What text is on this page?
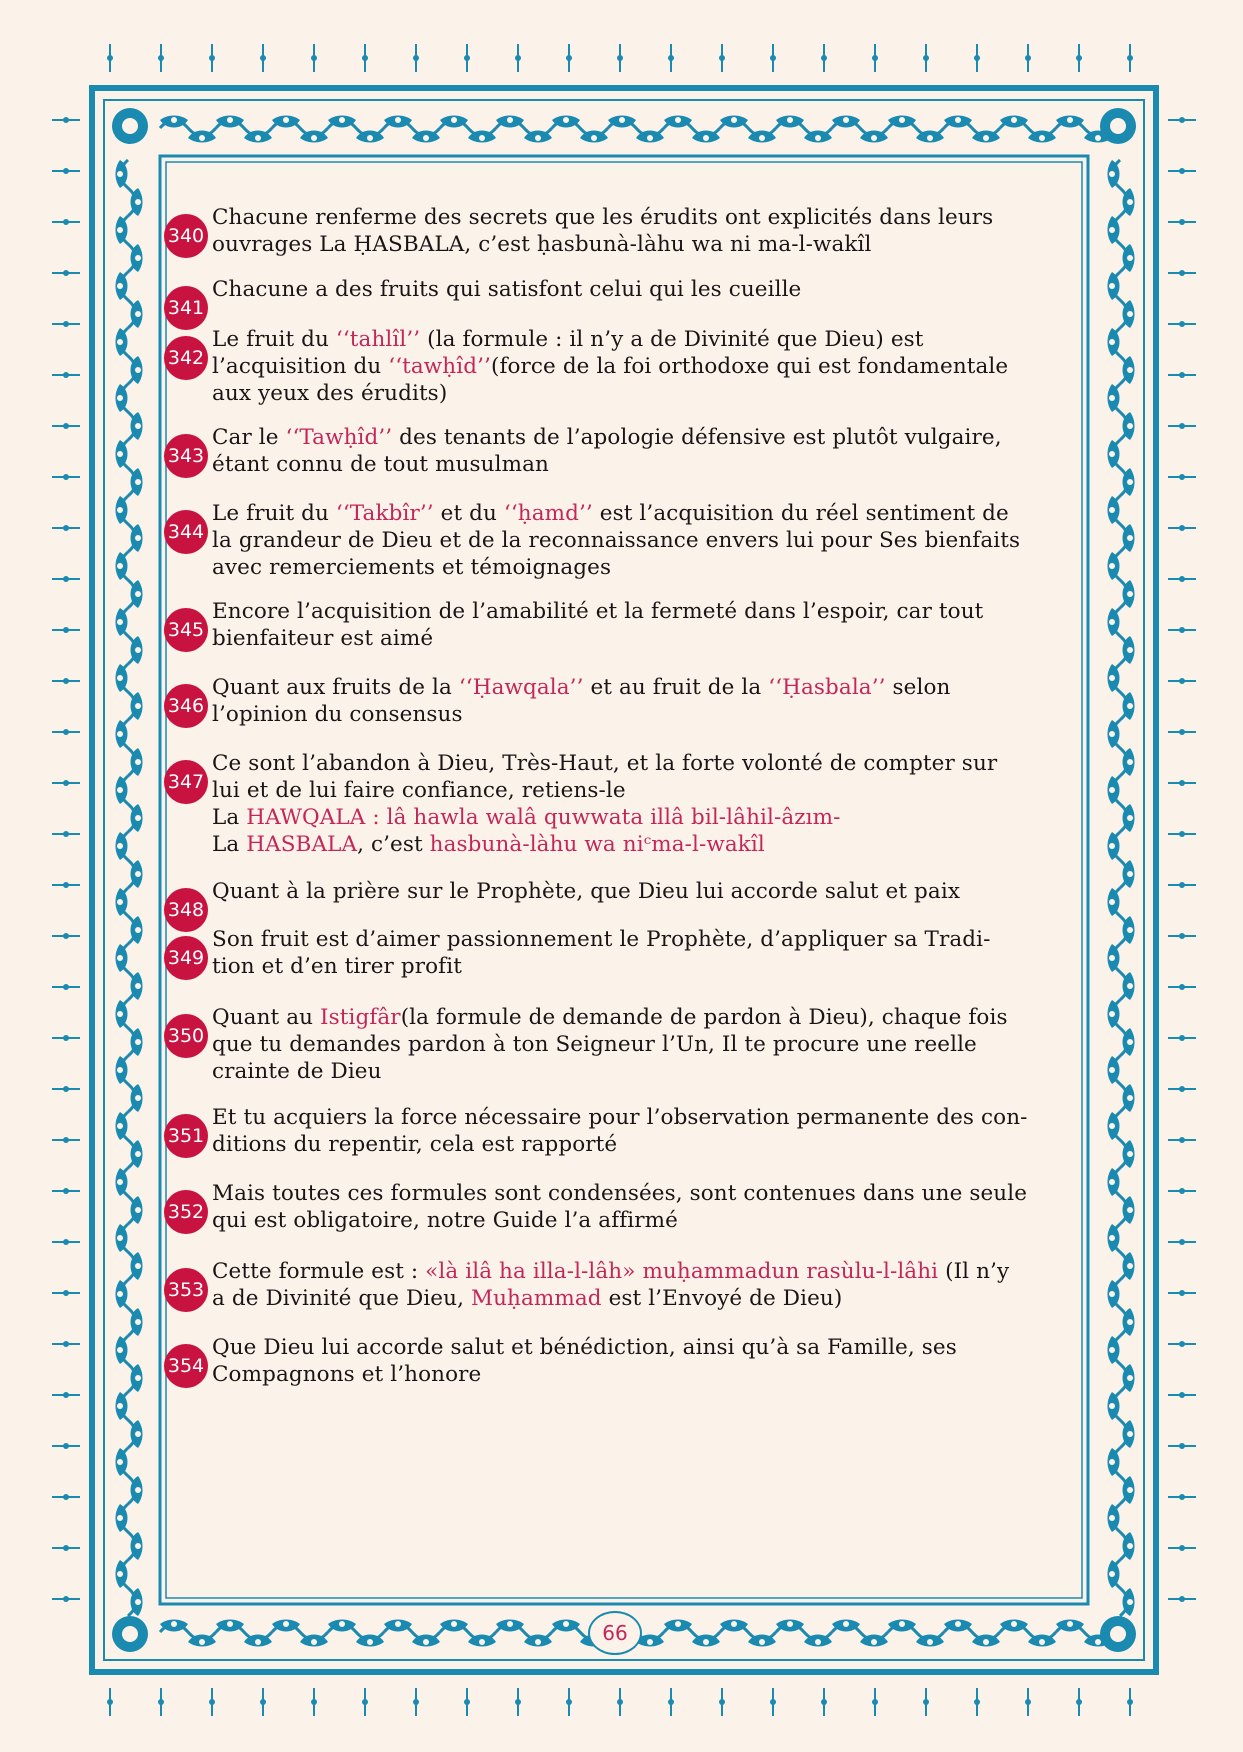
340
Chacune renferme des secrets que les érudits ont explicités dans leurs
ouvrages La ḤASBALA, c’est ḥasbunà-làhu wa ni ma-l-wakîl
341
Chacune a des fruits qui satisfont celui qui les cueille
342
Le fruit du ‘‘tahlîl’’ (la formule : il n’y a de Divinité que Dieu) est
l’acquisition du ‘‘tawḥîd’’(force de la foi orthodoxe qui est fondamentale
aux yeux des érudits)
343
Car le ‘‘Tawḥîd’’ des tenants de l’apologie défensive est plutôt vulgaire,
étant connu de tout musulman
344
Le fruit du ‘‘Takbîr’’ et du ‘‘ḥamd’’ est l’acquisition du réel sentiment de
la grandeur de Dieu et de la reconnaissance envers lui pour Ses bienfaits
avec remerciements et témoignages
345
Encore l’acquisition de l’amabilité et la fermeté dans l’espoir, car tout
bienfaiteur est aimé
346
Quant aux fruits de la ‘‘Ḥawqala’’ et au fruit de la ‘‘Ḥasbala’’ selon
l’opinion du consensus
347
Ce sont l’abandon à Dieu, Très-Haut, et la forte volonté de compter sur
lui et de lui faire confiance, retiens-le
La HAWQALA : lâ hawla walâ quwwata illâ bil-lâhil-âzım-
La HASBALA, c’est hasbunà-làhu wa niᶜma-l-wakîl
348
Quant à la prière sur le Prophète, que Dieu lui accorde salut et paix
349
Son fruit est d’aimer passionnement le Prophète, d’appliquer sa Tradi-
tion et d’en tirer profit
350
Quant au Istigfâr(la formule de demande de pardon à Dieu), chaque fois
que tu demandes pardon à ton Seigneur l’Un, Il te procure une reelle
crainte de Dieu
351
Et tu acquiers la force nécessaire pour l’observation permanente des con-
ditions du repentir, cela est rapporté
352
Mais toutes ces formules sont condensées, sont contenues dans une seule
qui est obligatoire, notre Guide l’a affirmé
353
Cette formule est : «là ilâ ha illa-l-lâh» muḥammadun rasùlu-l-lâhi (Il n’y
a de Divinité que Dieu, Muḥammad est l’Envoyé de Dieu)
354
Que Dieu lui accorde salut et bénédiction, ainsi qu’à sa Famille, ses
Compagnons et l’honore
66
